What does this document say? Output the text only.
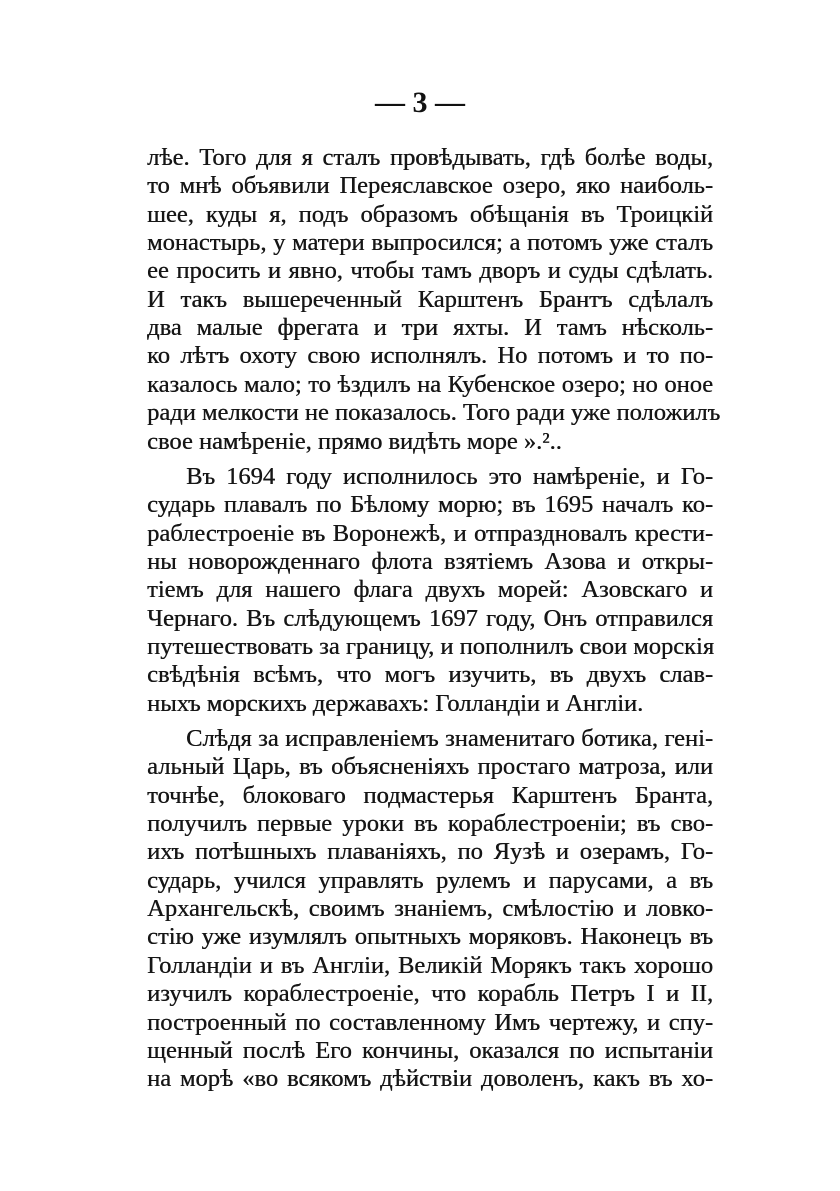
— 3 —
лѣе. Того для я сталъ провѣдывать, гдѣ болѣе воды,
то мнѣ объявили Переяславское озеро, яко наиболь-
шее, куды я, подъ образомъ обѣщанія въ Троицкій
монастырь, у матери выпросился; а потомъ уже сталъ
ее просить и явно, чтобы тамъ дворъ и суды сдѣлать.
И такъ вышереченный Карштенъ Брантъ сдѣлалъ
два малые фрегата и три яхты. И тамъ нѣсколь-
ко лѣтъ охоту свою исполнялъ. Но потомъ и то по-
казалось мало; то ѣздилъ на Кубенское озеро; но оное
ради мелкости не показалось. Того ради уже положилъ
свое намѣреніе, прямо видѣть море ».²..
Въ 1694 году исполнилось это намѣреніе, и Го-
сударь плавалъ по Бѣлому морю; въ 1695 началъ ко-
раблестроеніе въ Воронежѣ, и отпраздновалъ крести-
ны новорожденнаго флота взятіемъ Азова и откры-
тіемъ для нашего флага двухъ морей: Азовскаго и
Чернаго. Въ слѣдующемъ 1697 году, Онъ отправился
путешествовать за границу, и пополнилъ свои морскія
свѣдѣнія всѣмъ, что могъ изучить, въ двухъ слав-
ныхъ морскихъ державахъ: Голландіи и Англіи.
Слѣдя за исправленіемъ знаменитаго ботика, гені-
альный Царь, въ объясненіяхъ простаго матроза, или
точнѣе, блоковаго подмастерья Карштенъ Бранта,
получилъ первые уроки въ кораблестроеніи; въ сво-
ихъ потѣшныхъ плаваніяхъ, по Яузѣ и озерамъ, Го-
сударь, учился управлять рулемъ и парусами, а въ
Архангельскѣ, своимъ знаніемъ, смѣлостію и ловко-
стію уже изумлялъ опытныхъ моряковъ. Наконецъ въ
Голландіи и въ Англіи, Великій Морякъ такъ хорошо
изучилъ кораблестроеніе, что корабль Петръ I и II,
построенный по составленному Имъ чертежу, и спу-
щенный послѣ Его кончины, оказался по испытаніи
на морѣ «во всякомъ дѣйствіи доволенъ, какъ въ хо-
